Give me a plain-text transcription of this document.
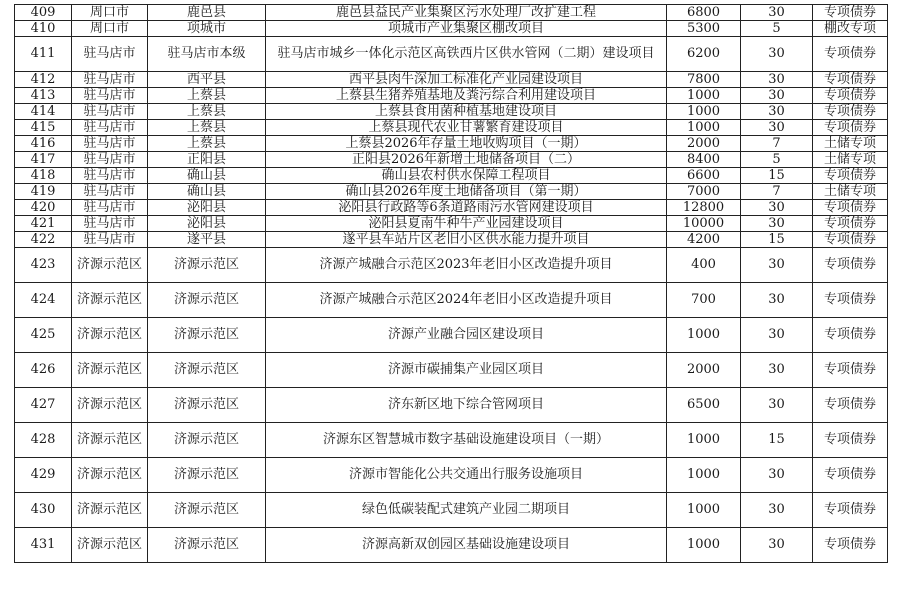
409	周口市	鹿邑县	鹿邑县益民产业集聚区污水处理厂改扩建工程	6800	30	专项债券
410	周口市	项城市	项城市产业集聚区棚改项目	5300	5	棚改专项
411	驻马店市	驻马店市本级	驻马店市城乡一体化示范区高铁西片区供水管网（二期）建设项目	6200	30	专项债券
412	驻马店市	西平县	西平县肉牛深加工标准化产业园建设项目	7800	30	专项债券
413	驻马店市	上蔡县	上蔡县生猪养殖基地及粪污综合利用建设项目	1000	30	专项债券
414	驻马店市	上蔡县	上蔡县食用菌种植基地建设项目	1000	30	专项债券
415	驻马店市	上蔡县	上蔡县现代农业甘薯繁育建设项目	1000	30	专项债券
416	驻马店市	上蔡县	上蔡县2026年存量土地收购项目（一期）	2000	7	土储专项
417	驻马店市	正阳县	正阳县2026年新增土地储备项目（二）	8400	5	土储专项
418	驻马店市	确山县	确山县农村供水保障工程项目	6600	15	专项债券
419	驻马店市	确山县	确山县2026年度土地储备项目（第一期）	7000	7	土储专项
420	驻马店市	泌阳县	泌阳县行政路等6条道路雨污水管网建设项目	12800	30	专项债券
421	驻马店市	泌阳县	泌阳县夏南牛种牛产业园建设项目	10000	30	专项债券
422	驻马店市	遂平县	遂平县车站片区老旧小区供水能力提升项目	4200	15	专项债券
423	济源示范区	济源示范区	济源产城融合示范区2023年老旧小区改造提升项目	400	30	专项债券
424	济源示范区	济源示范区	济源产城融合示范区2024年老旧小区改造提升项目	700	30	专项债券
425	济源示范区	济源示范区	济源产业融合园区建设项目	1000	30	专项债券
426	济源示范区	济源示范区	济源市碳捕集产业园区项目	2000	30	专项债券
427	济源示范区	济源示范区	济东新区地下综合管网项目	6500	30	专项债券
428	济源示范区	济源示范区	济源东区智慧城市数字基础设施建设项目（一期）	1000	15	专项债券
429	济源示范区	济源示范区	济源市智能化公共交通出行服务设施项目	1000	30	专项债券
430	济源示范区	济源示范区	绿色低碳装配式建筑产业园二期项目	1000	30	专项债券
431	济源示范区	济源示范区	济源高新双创园区基础设施建设项目	1000	30	专项债券
